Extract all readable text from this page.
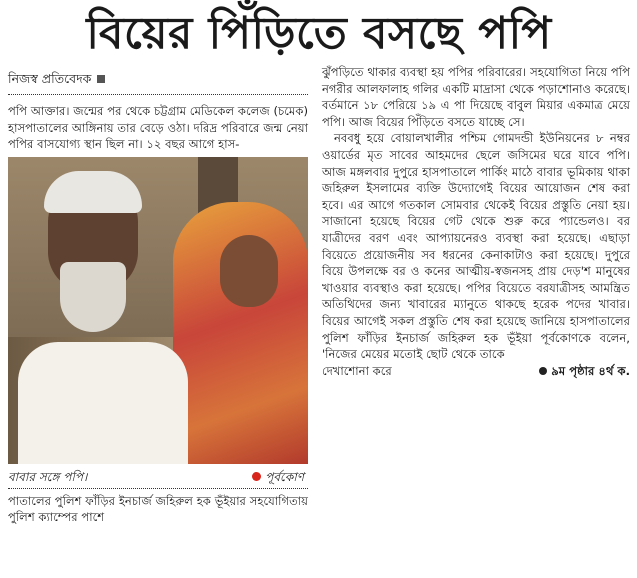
বিয়ের পিঁড়িতে বসছে পপি
নিজস্ব প্রতিবেদক

পপি আক্তার। জন্মের পর থেকে চট্টগ্রাম মেডিকেল কলেজ (চমেক) হাসপাতালের আঙ্গিনায় তার বেড়ে ওঠা। দরিদ্র পরিবারে জন্ম নেয়া পপির বাসযোগ্য স্থান ছিল না। ১২ বছর আগে হাস-

বাবার সঙ্গে পপি।	পূর্বকোণ

পাতালের পুলিশ ফাঁড়ির ইনচার্জ জহিরুল হক ভূঁইয়ার সহযোগিতায় পুলিশ ক্যাম্পের পাশে

ঝুঁপড়িতে থাকার ব্যবস্থা হয় পপির পরিবারের। সহযোগিতা নিয়ে পপি নগরীর আলফালাহ গলির একটি মাদ্রাসা থেকে পড়াশোনাও করেছে। বর্তমানে ১৮ পেরিয়ে ১৯ এ পা দিয়েছে বাবুল মিয়ার একমাত্র মেয়ে পপি। আজ বিয়ের পিঁড়িতে বসতে যাচ্ছে সে।

নববধু হয়ে বোয়ালখালীর পশ্চিম গোমদন্ডী ইউনিয়নের ৮ নম্বর ওয়ার্ডের মৃত সাবের আহমদের ছেলে জসিমের ঘরে যাবে পপি। আজ মঙ্গলবার দুপুরে হাসপাতালে পার্কিং মাঠে বাবার ভূমিকায় থাকা জহিরুল ইসলামের ব্যক্তি উদ্যোগেই বিয়ের আয়োজন শেষ করা হবে। এর আগে গতকাল সোমবার থেকেই বিয়ের প্রস্তুতি নেয়া হয়। সাজানো হয়েছে বিয়ের গেট থেকে শুরু করে প্যান্ডেলও। বর যাত্রীদের বরণ এবং আপ্যায়নেরও ব্যবস্থা করা হয়েছে। এছাড়া বিয়েতে প্রয়োজনীয় সব ধরনের কেনাকাটাও করা হয়েছে। দুপুরে বিয়ে উপলক্ষে বর ও কনের আত্মীয়-স্বজনসহ প্রায় দেড়'শ মানুষের খাওয়ার ব্যবস্থাও করা হয়েছে। পপির বিয়েতে বরযাত্রীসহ আমন্ত্রিত অতিথিদের জন্য খাবারের ম্যানুতে থাকছে হরেক পদের খাবার। বিয়ের আগেই সকল প্রস্তুতি শেষ করা হয়েছে জানিয়ে হাসপাতালের পুলিশ ফাঁড়ির ইনচার্জ জহিরুল হক ভূঁইয়া পূর্বকোণকে বলেন, 'নিজের মেয়ের মতোই ছোট থেকে তাকে

দেখাশোনা করে	৯ম পৃষ্ঠার ৪র্থ ক.
